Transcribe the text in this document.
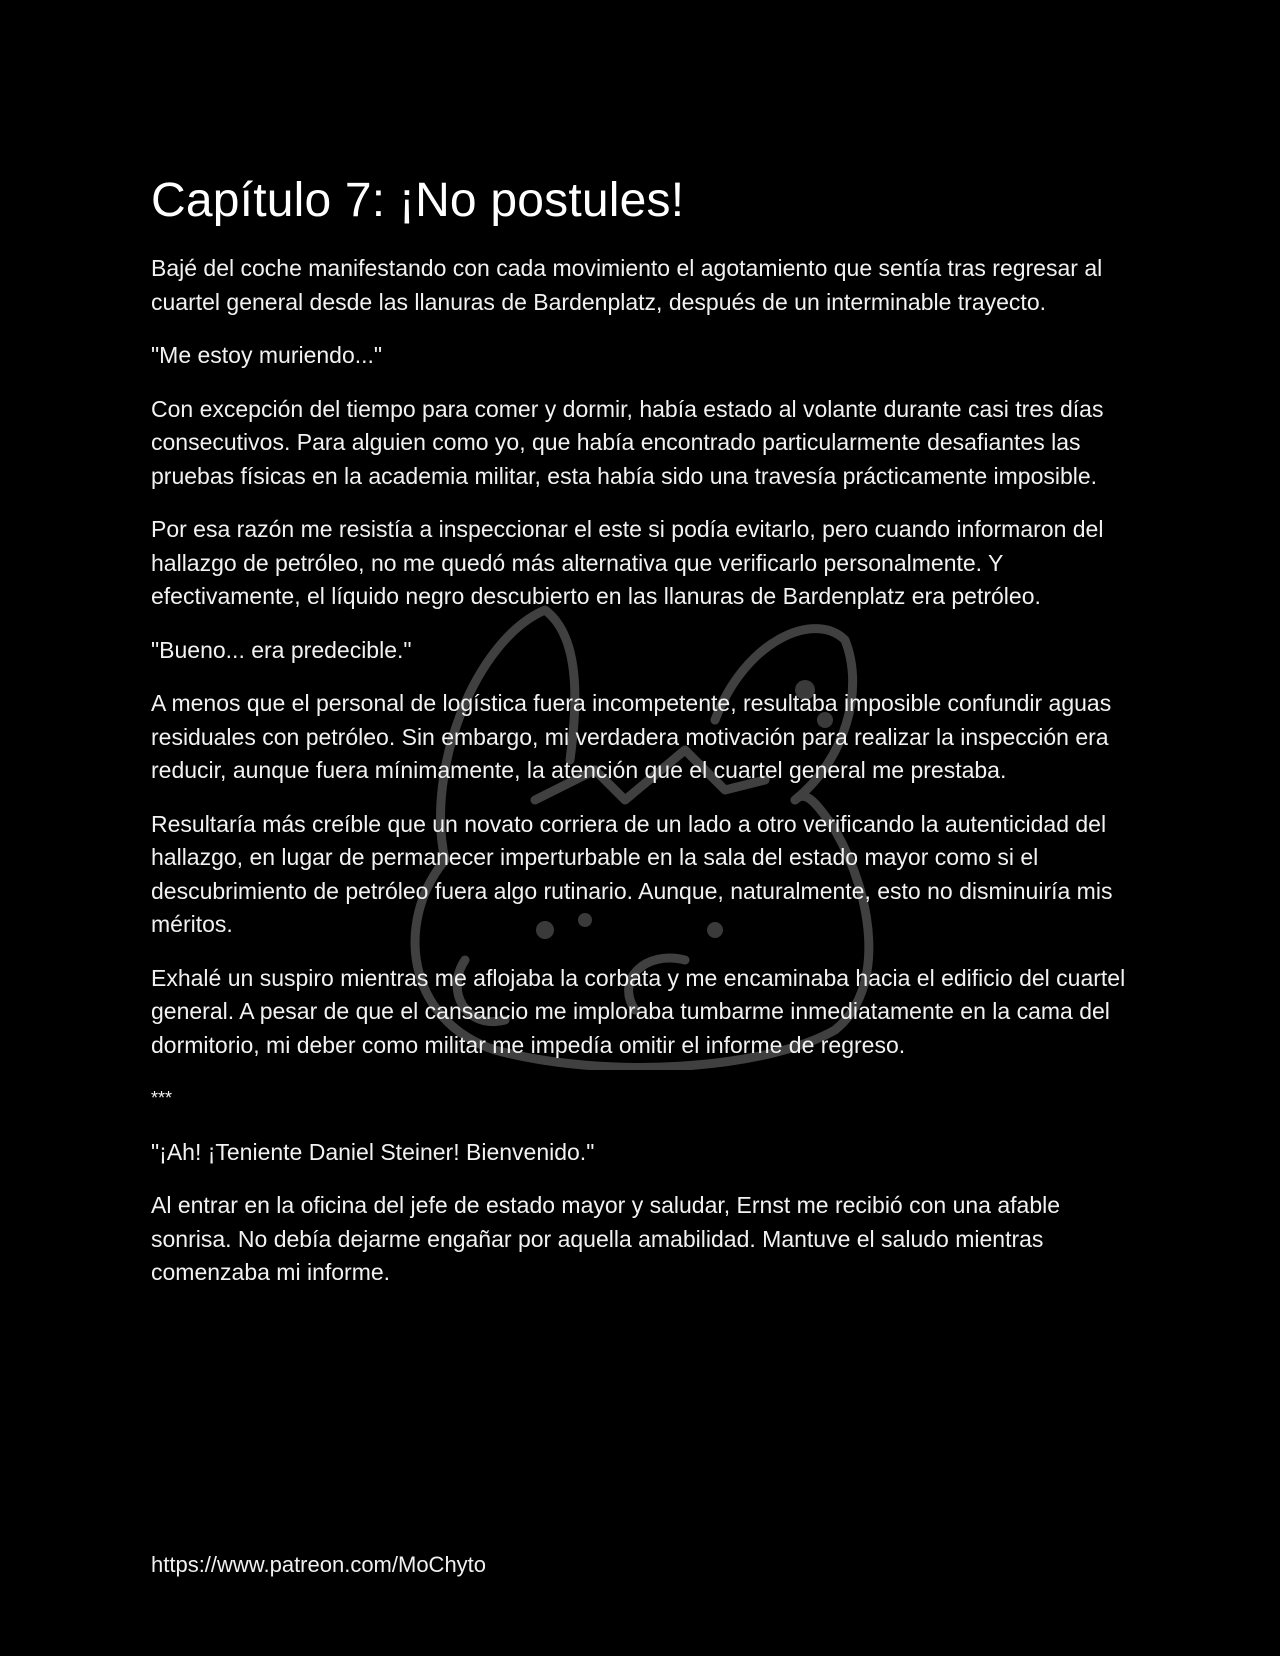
Capítulo 7: ¡No postules!

Bajé del coche manifestando con cada movimiento el agotamiento que sentía tras regresar al cuartel general desde las llanuras de Bardenplatz, después de un interminable trayecto.

"Me estoy muriendo..."

Con excepción del tiempo para comer y dormir, había estado al volante durante casi tres días consecutivos. Para alguien como yo, que había encontrado particularmente desafiantes las pruebas físicas en la academia militar, esta había sido una travesía prácticamente imposible.

Por esa razón me resistía a inspeccionar el este si podía evitarlo, pero cuando informaron del hallazgo de petróleo, no me quedó más alternativa que verificarlo personalmente. Y efectivamente, el líquido negro descubierto en las llanuras de Bardenplatz era petróleo.

"Bueno... era predecible."

A menos que el personal de logística fuera incompetente, resultaba imposible confundir aguas residuales con petróleo. Sin embargo, mi verdadera motivación para realizar la inspección era reducir, aunque fuera mínimamente, la atención que el cuartel general me prestaba.

Resultaría más creíble que un novato corriera de un lado a otro verificando la autenticidad del hallazgo, en lugar de permanecer imperturbable en la sala del estado mayor como si el descubrimiento de petróleo fuera algo rutinario. Aunque, naturalmente, esto no disminuiría mis méritos.

Exhalé un suspiro mientras me aflojaba la corbata y me encaminaba hacia el edificio del cuartel general. A pesar de que el cansancio me imploraba tumbarme inmediatamente en la cama del dormitorio, mi deber como militar me impedía omitir el informe de regreso.

***

"¡Ah! ¡Teniente Daniel Steiner! Bienvenido."

Al entrar en la oficina del jefe de estado mayor y saludar, Ernst me recibió con una afable sonrisa. No debía dejarme engañar por aquella amabilidad. Mantuve el saludo mientras comenzaba mi informe.

https://www.patreon.com/MoChyto
